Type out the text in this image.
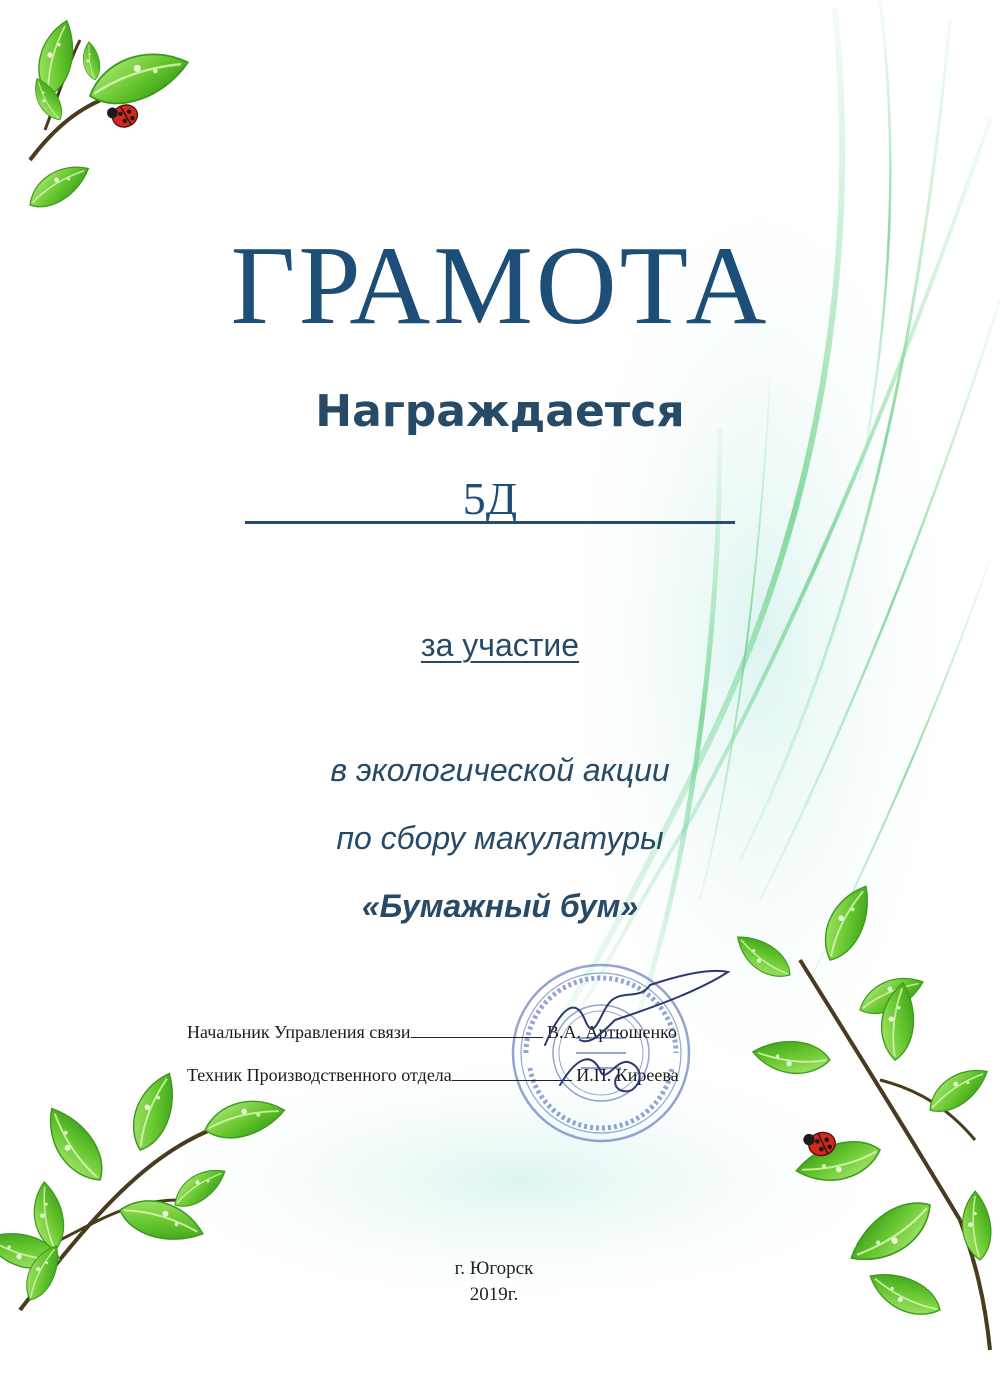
ГРАМОТА
Награждается
5Д
за участие
в экологической акции
по сбору макулатуры
«Бумажный бум»
Начальник Управления связи	В.А. Артюшенко
Техник Производственного отдела	И.П. Киреева
г. Югорск
2019г.
